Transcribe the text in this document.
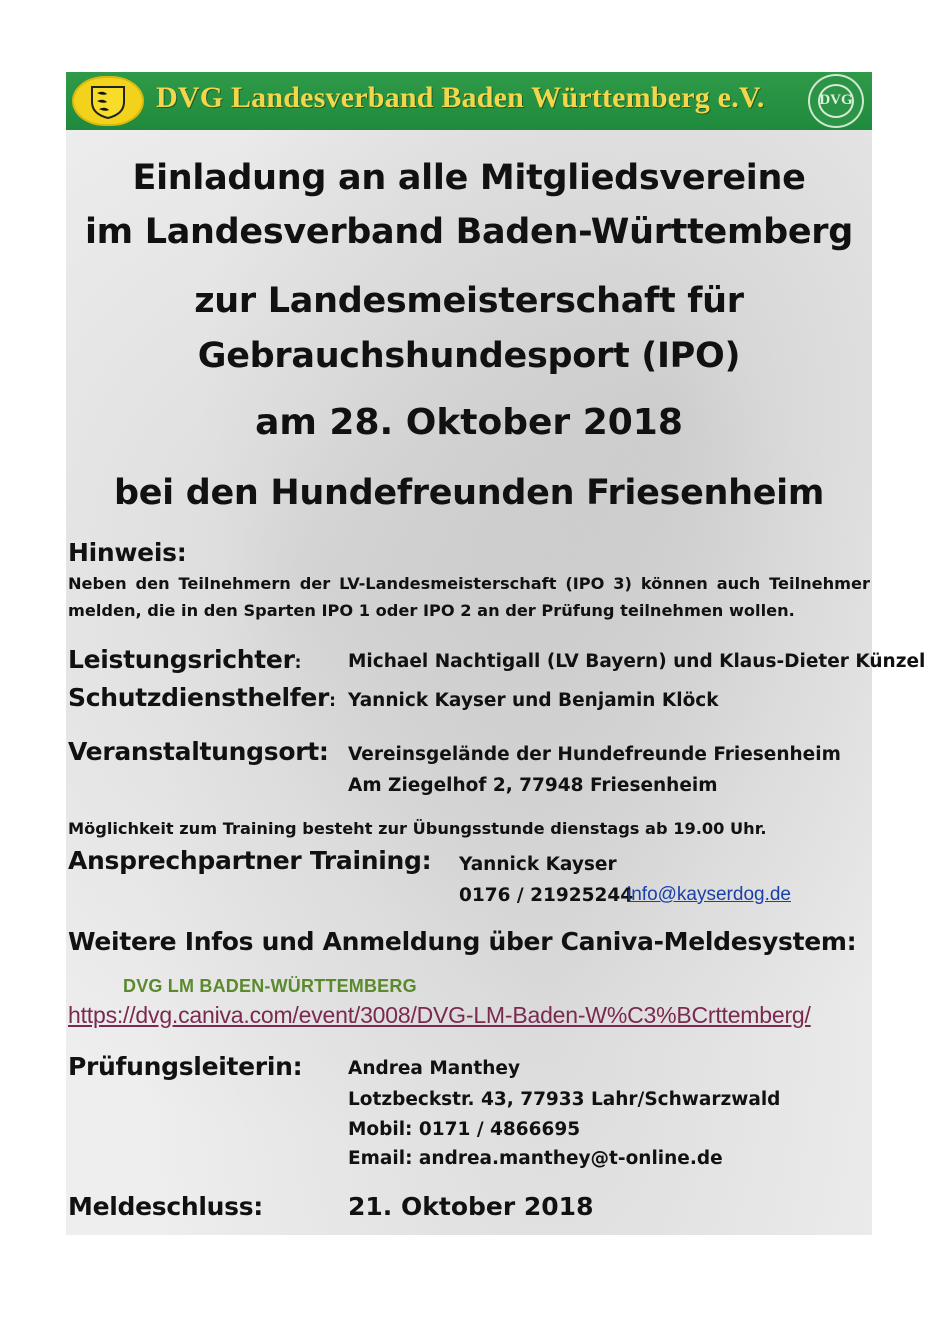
DVG Landesverband Baden Württemberg e.V.	DVG
Einladung an alle Mitgliedsvereine
im Landesverband Baden-Württemberg
zur Landesmeisterschaft für
Gebrauchshundesport (IPO)
am 28. Oktober 2018
bei den Hundefreunden Friesenheim
Hinweis:
Neben den Teilnehmern der LV-Landesmeisterschaft (IPO 3) können auch Teilnehmer melden, die in den Sparten IPO 1 oder IPO 2 an der Prüfung teilnehmen wollen.
Leistungsrichter:	Michael Nachtigall (LV Bayern) und Klaus-Dieter Künzel
Schutzdiensthelfer: Yannick Kayser und Benjamin Klöck
Veranstaltungsort: Vereinsgelände der Hundefreunde Friesenheim
Am Ziegelhof 2, 77948 Friesenheim
Möglichkeit zum Training besteht zur Übungsstunde dienstags ab 19.00 Uhr.
Ansprechpartner Training: Yannick Kayser
0176 / 21925244
info@kayserdog.de
Weitere Infos und Anmeldung über Caniva-Meldesystem:
DVG LM BADEN-WÜRTTEMBERG
https://dvg.caniva.com/event/3008/DVG-LM-Baden-W%C3%BCrttemberg/
Prüfungsleiterin: Andrea Manthey
Lotzbeckstr. 43, 77933 Lahr/Schwarzwald
Mobil: 0171 / 4866695
Email: andrea.manthey@t-online.de
Meldeschluss:	21. Oktober 2018
